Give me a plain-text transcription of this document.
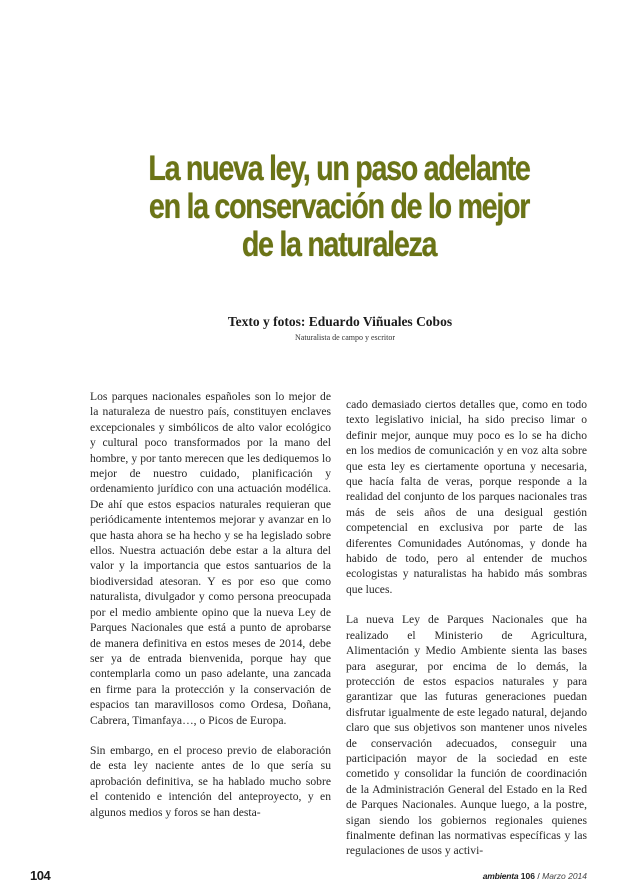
La nueva ley, un paso adelante
en la conservación de lo mejor
de la naturaleza
Texto y fotos: Eduardo Viñuales Cobos
Naturalista de campo y escritor

Los parques nacionales españoles son lo mejor de la naturaleza de nuestro país, constituyen enclaves excepcionales y simbólicos de alto valor ecológico y cultural poco transformados por la mano del hombre, y por tanto merecen que les dediquemos lo mejor de nuestro cuidado, planificación y ordenamiento jurídico con una actuación modélica. De ahí que estos espacios naturales requieran que periódicamente intentemos mejorar y avanzar en lo que hasta ahora se ha hecho y se ha legislado sobre ellos. Nuestra actuación debe estar a la altura del valor y la importancia que estos santuarios de la biodiversidad atesoran. Y es por eso que como naturalista, divulgador y como persona preocupada por el medio ambiente opino que la nueva Ley de Parques Nacionales que está a punto de aprobarse de manera definitiva en estos meses de 2014, debe ser ya de entrada bienvenida, porque hay que contemplarla como un paso adelante, una zancada en firme para la protección y la conservación de espacios tan maravillosos como Ordesa, Doñana, Cabrera, Timanfaya…, o Picos de Europa.

Sin embargo, en el proceso previo de elaboración de esta ley naciente antes de lo que sería su aprobación definitiva, se ha hablado mucho sobre el contenido e intención del anteproyecto, y en algunos medios y foros se han desta-

cado demasiado ciertos detalles que, como en todo texto legislativo inicial, ha sido preciso limar o definir mejor, aunque muy poco es lo se ha dicho en los medios de comunicación y en voz alta sobre que esta ley es ciertamente oportuna y necesaria, que hacía falta de veras, porque responde a la realidad del conjunto de los parques nacionales tras más de seis años de una desigual gestión competencial en exclusiva por parte de las diferentes Comunidades Autónomas, y donde ha habido de todo, pero al entender de muchos ecologistas y naturalistas ha habido más sombras que luces.

La nueva Ley de Parques Nacionales que ha realizado el Ministerio de Agricultura, Alimentación y Medio Ambiente sienta las bases para asegurar, por encima de lo demás, la protección de estos espacios naturales y para garantizar que las futuras generaciones puedan disfrutar igualmente de este legado natural, dejando claro que sus objetivos son mantener unos niveles de conservación adecuados, conseguir una participación mayor de la sociedad en este cometido y consolidar la función de coordinación de la Administración General del Estado en la Red de Parques Nacionales. Aunque luego, a la postre, sigan siendo los gobiernos regionales quienes finalmente definan las normativas específicas y las regulaciones de usos y activi-

104	ambienta 106 / Marzo 2014
